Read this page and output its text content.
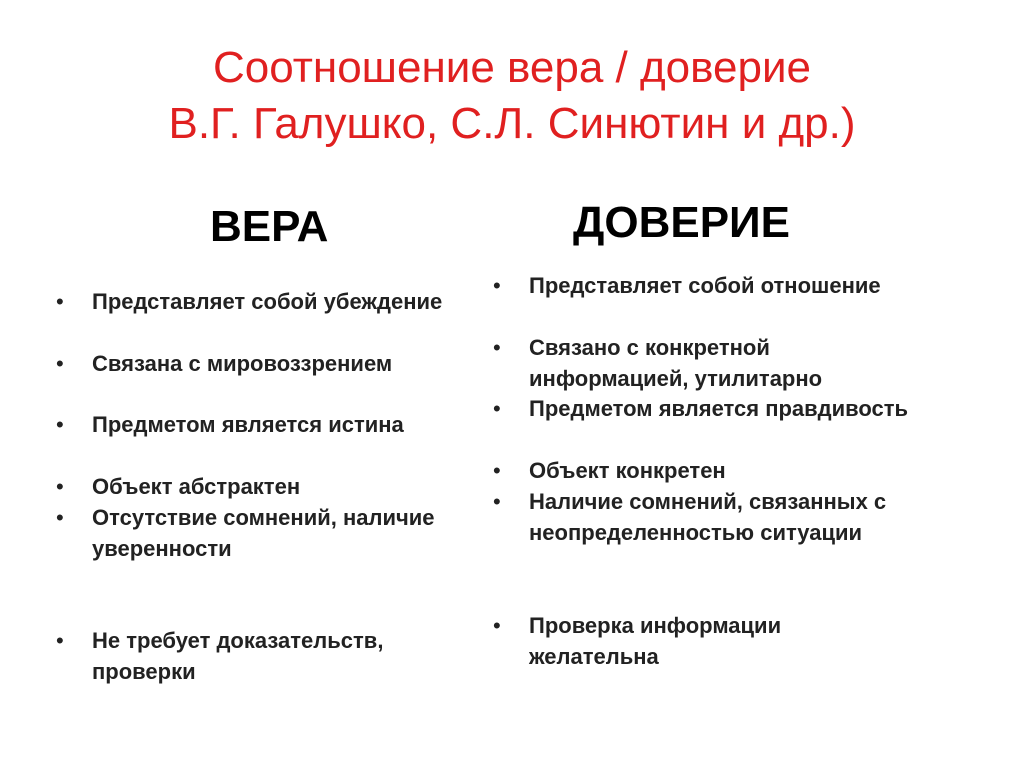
Соотношение вера / доверие
В.Г. Галушко, С.Л. Синютин и др.)
ВЕРА	ДОВЕРИЕ
• Представляет собой убеждение
• Связана с мировоззрением
• Предметом является истина
• Объект абстрактен
• Отсутствие сомнений, наличие уверенности
• Не требует доказательств, проверки
• Представляет собой отношение
• Связано с конкретной информацией, утилитарно
• Предметом является правдивость
• Объект конкретен
• Наличие сомнений, связанных с неопределенностью ситуации
• Проверка информации желательна
